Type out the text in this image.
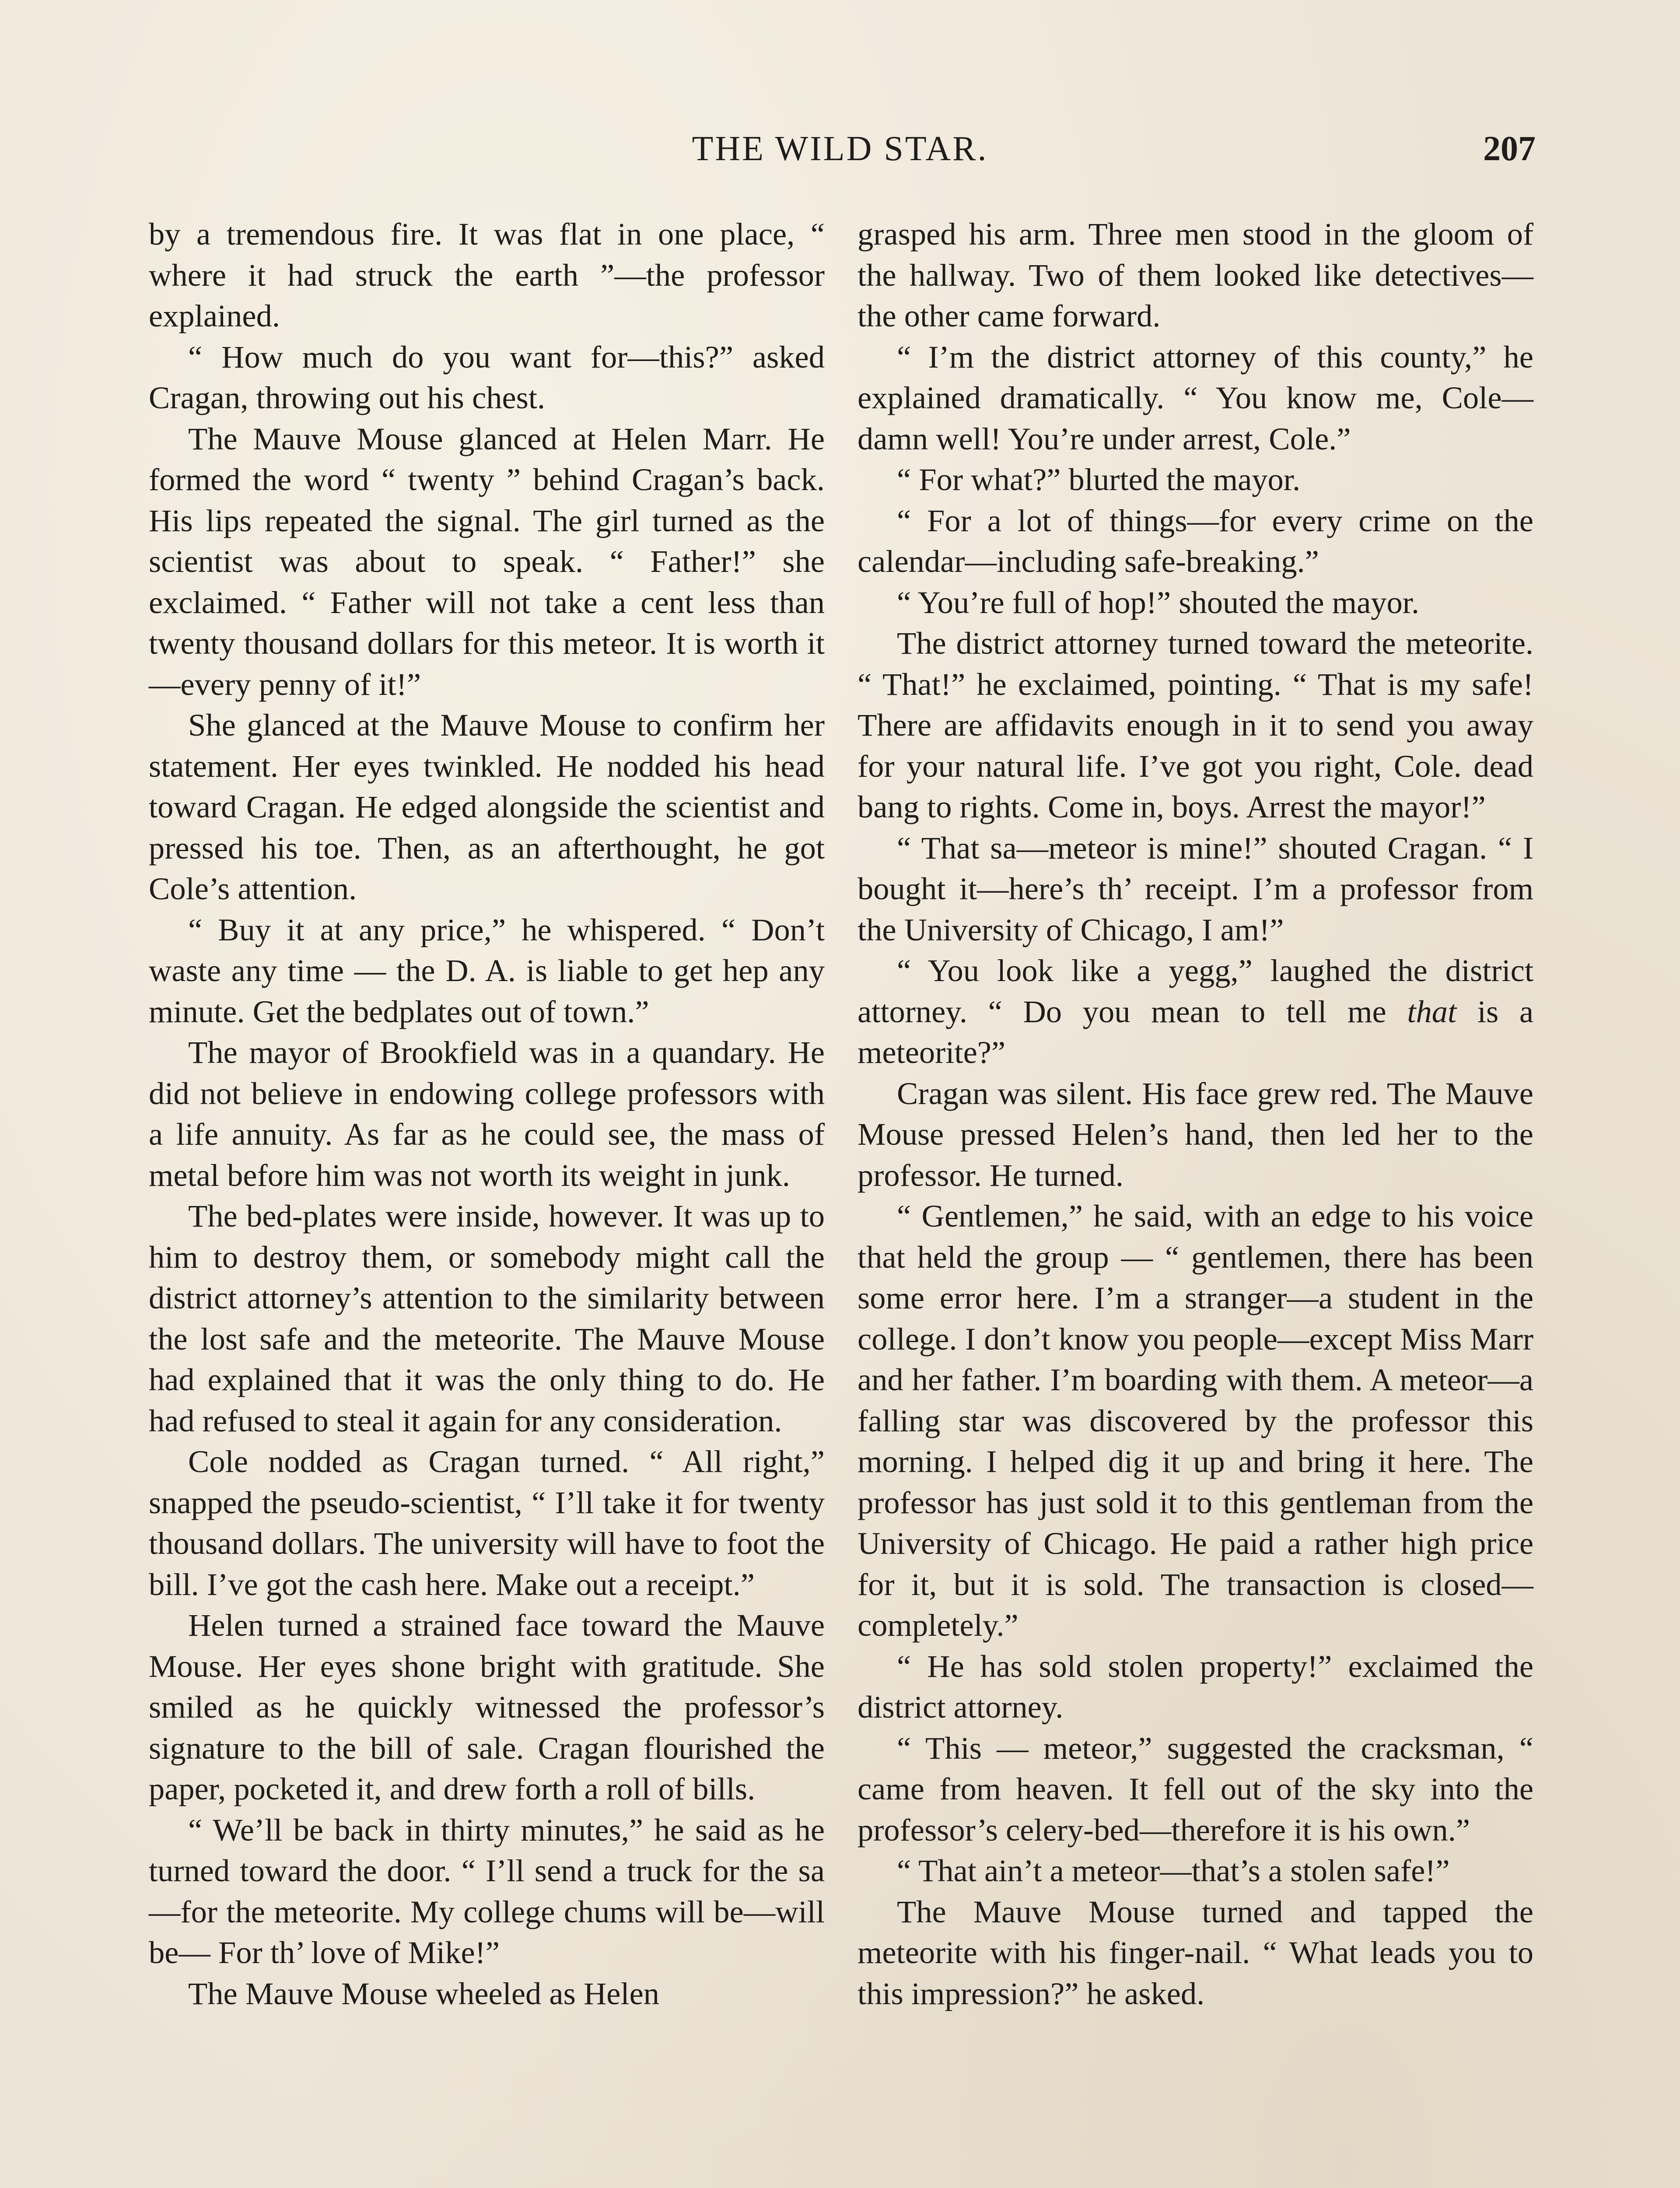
THE WILD STAR.	207

by a tremendous fire. It was flat in one place, “ where it had struck the earth ”—the professor explained.

“ How much do you want for—this?” asked Cragan, throwing out his chest.

The Mauve Mouse glanced at Helen Marr. He formed the word “ twenty ” behind Cragan’s back. His lips repeated the signal. The girl turned as the scientist was about to speak. “ Father!” she exclaimed. “ Father will not take a cent less than twenty thousand dollars for this meteor. It is worth it—every penny of it!”

She glanced at the Mauve Mouse to confirm her statement. Her eyes twinkled. He nodded his head toward Cragan. He edged alongside the scientist and pressed his toe. Then, as an afterthought, he got Cole’s attention.

“ Buy it at any price,” he whispered. “ Don’t waste any time — the D. A. is liable to get hep any minute. Get the bedplates out of town.”

The mayor of Brookfield was in a quandary. He did not believe in endowing college professors with a life annuity. As far as he could see, the mass of metal before him was not worth its weight in junk.

The bed-plates were inside, however. It was up to him to destroy them, or somebody might call the district attorney’s attention to the similarity between the lost safe and the meteorite. The Mauve Mouse had explained that it was the only thing to do. He had refused to steal it again for any consideration.

Cole nodded as Cragan turned. “ All right,” snapped the pseudo-scientist, “ I’ll take it for twenty thousand dollars. The university will have to foot the bill. I’ve got the cash here. Make out a receipt.”

Helen turned a strained face toward the Mauve Mouse. Her eyes shone bright with gratitude. She smiled as he quickly witnessed the professor’s signature to the bill of sale. Cragan flourished the paper, pocketed it, and drew forth a roll of bills.

“ We’ll be back in thirty minutes,” he said as he turned toward the door. “ I’ll send a truck for the sa—for the meteorite. My college chums will be—will be— For th’ love of Mike!”

The Mauve Mouse wheeled as Helen

grasped his arm. Three men stood in the gloom of the hallway. Two of them looked like detectives—the other came forward.

“ I’m the district attorney of this county,” he explained dramatically. “ You know me, Cole—damn well! You’re under arrest, Cole.”

“ For what?” blurted the mayor.

“ For a lot of things—for every crime on the calendar—including safe-breaking.”

“ You’re full of hop!” shouted the mayor.

The district attorney turned toward the meteorite. “ That!” he exclaimed, pointing. “ That is my safe! There are affidavits enough in it to send you away for your natural life. I’ve got you right, Cole. dead bang to rights. Come in, boys. Arrest the mayor!”

“ That sa—meteor is mine!” shouted Cragan. “ I bought it—here’s th’ receipt. I’m a professor from the University of Chicago, I am!”

“ You look like a yegg,” laughed the district attorney. “ Do you mean to tell me that is a meteorite?”

Cragan was silent. His face grew red. The Mauve Mouse pressed Helen’s hand, then led her to the professor. He turned.

“ Gentlemen,” he said, with an edge to his voice that held the group — “ gentlemen, there has been some error here. I’m a stranger—a student in the college. I don’t know you people—except Miss Marr and her father. I’m boarding with them. A meteor—a falling star was discovered by the professor this morning. I helped dig it up and bring it here. The professor has just sold it to this gentleman from the University of Chicago. He paid a rather high price for it, but it is sold. The transaction is closed—completely.”

“ He has sold stolen property!” exclaimed the district attorney.

“ This — meteor,” suggested the cracksman, “ came from heaven. It fell out of the sky into the professor’s celery-bed—therefore it is his own.”

“ That ain’t a meteor—that’s a stolen safe!”

The Mauve Mouse turned and tapped the meteorite with his finger-nail. “ What leads you to this impression?” he asked.
